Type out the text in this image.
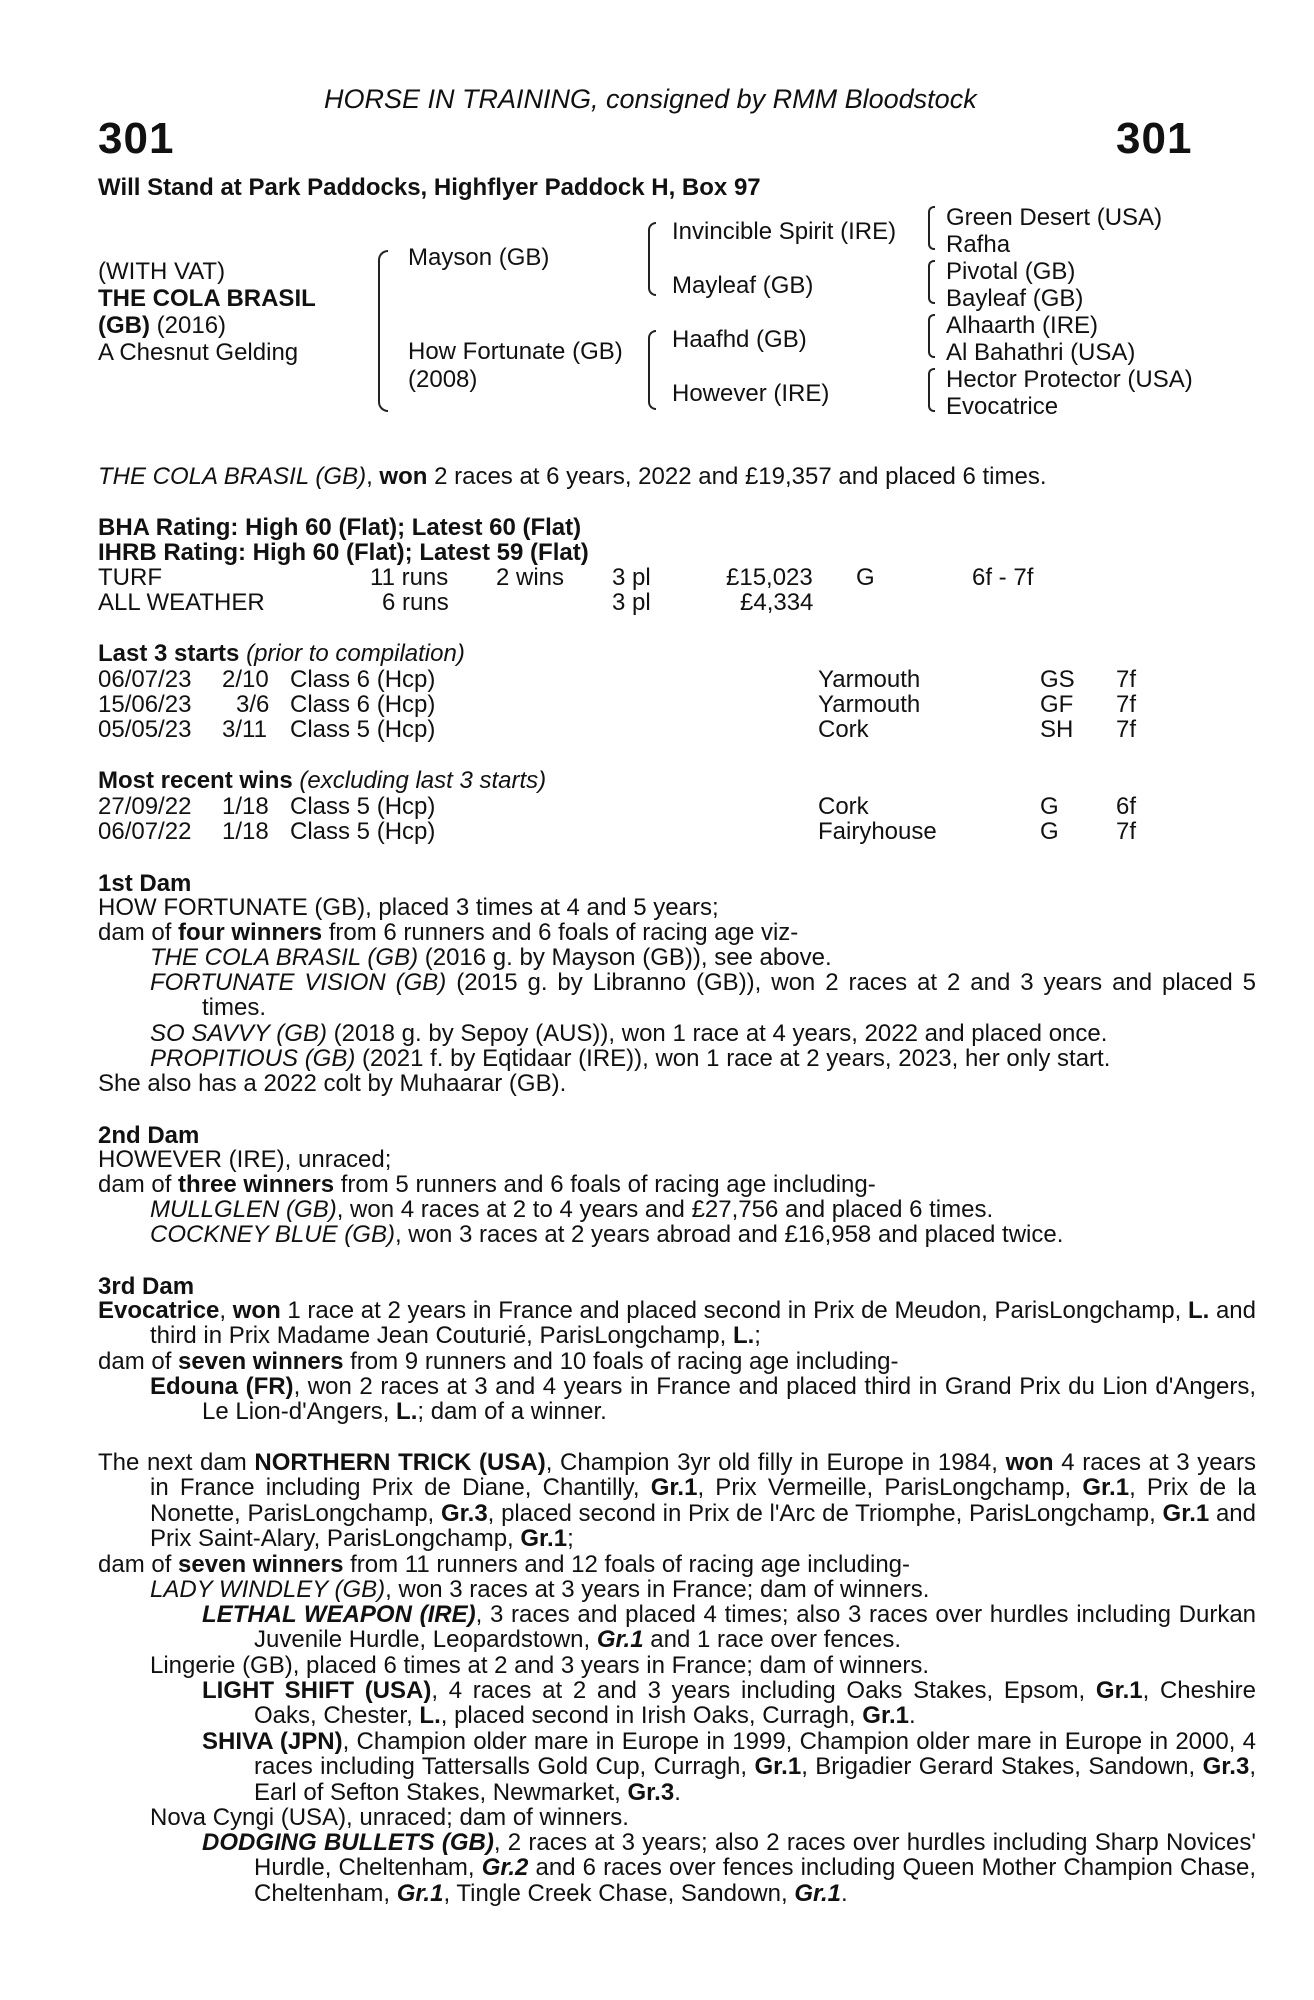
HORSE IN TRAINING, consigned by RMM Bloodstock
301	301
Will Stand at Park Paddocks, Highflyer Paddock H, Box 97
(WITH VAT)
THE COLA BRASIL
(GB) (2016)
A Chesnut Gelding
Mayson (GB)
How Fortunate (GB)
(2008)
Invincible Spirit (IRE)
Mayleaf (GB)
Haafhd (GB)
However (IRE)
Green Desert (USA)
Rafha
Pivotal (GB)
Bayleaf (GB)
Alhaarth (IRE)
Al Bahathri (USA)
Hector Protector (USA)
Evocatrice
THE COLA BRASIL (GB), won 2 races at 6 years, 2022 and £19,357 and placed 6 times.
BHA Rating: High 60 (Flat); Latest 60 (Flat)
IHRB Rating: High 60 (Flat); Latest 59 (Flat)
TURF	11 runs 2 wins 3 pl	£15,023 G	6f - 7f
ALL WEATHER	6 runs	3 pl	£4,334
Last 3 starts (prior to compilation)
06/07/23 2/10 Class 6 (Hcp)	Yarmouth	GS 7f
15/06/23 3/6 Class 6 (Hcp)	Yarmouth	GF 7f
05/05/23 3/11 Class 5 (Hcp)	Cork	SH 7f
Most recent wins (excluding last 3 starts)
27/09/22 1/18 Class 5 (Hcp)	Cork	G 6f
06/07/22 1/18 Class 5 (Hcp)	Fairyhouse	G 7f
1st Dam
HOW FORTUNATE (GB), placed 3 times at 4 and 5 years;
dam of four winners from 6 runners and 6 foals of racing age viz-

THE COLA BRASIL (GB) (2016 g. by Mayson (GB)), see above.

FORTUNATE VISION (GB) (2015 g. by Libranno (GB)), won 2 races at 2 and 3 years and placed 5 times.

SO SAVVY (GB) (2018 g. by Sepoy (AUS)), won 1 race at 4 years, 2022 and placed once.

PROPITIOUS (GB) (2021 f. by Eqtidaar (IRE)), won 1 race at 2 years, 2023, her only start.

She also has a 2022 colt by Muhaarar (GB).
2nd Dam
HOWEVER (IRE), unraced;
dam of three winners from 5 runners and 6 foals of racing age including-
MULLGLEN (GB), won 4 races at 2 to 4 years and £27,756 and placed 6 times.
COCKNEY BLUE (GB), won 3 races at 2 years abroad and £16,958 and placed twice.
3rd Dam

Evocatrice, won 1 race at 2 years in France and placed second in Prix de Meudon, ParisLongchamp, L. and third in Prix Madame Jean Couturié, ParisLongchamp, L.;

dam of seven winners from 9 runners and 10 foals of racing age including-

Edouna (FR), won 2 races at 3 and 4 years in France and placed third in Grand Prix du Lion d'Angers, Le Lion-d'Angers, L.; dam of a winner.

The next dam NORTHERN TRICK (USA), Champion 3yr old filly in Europe in 1984, won 4 races at 3 years in France including Prix de Diane, Chantilly, Gr.1, Prix Vermeille, ParisLongchamp, Gr.1, Prix de la Nonette, ParisLongchamp, Gr.3, placed second in Prix de l'Arc de Triomphe, ParisLongchamp, Gr.1 and Prix Saint-Alary, ParisLongchamp, Gr.1;

dam of seven winners from 11 runners and 12 foals of racing age including-
LADY WINDLEY (GB), won 3 races at 3 years in France; dam of winners.

LETHAL WEAPON (IRE), 3 races and placed 4 times; also 3 races over hurdles including Durkan Juvenile Hurdle, Leopardstown, Gr.1 and 1 race over fences.

Lingerie (GB), placed 6 times at 2 and 3 years in France; dam of winners.

LIGHT SHIFT (USA), 4 races at 2 and 3 years including Oaks Stakes, Epsom, Gr.1, Cheshire Oaks, Chester, L., placed second in Irish Oaks, Curragh, Gr.1.

SHIVA (JPN), Champion older mare in Europe in 1999, Champion older mare in Europe in 2000, 4 races including Tattersalls Gold Cup, Curragh, Gr.1, Brigadier Gerard Stakes, Sandown, Gr.3, Earl of Sefton Stakes, Newmarket, Gr.3.

Nova Cyngi (USA), unraced; dam of winners.

DODGING BULLETS (GB), 2 races at 3 years; also 2 races over hurdles including Sharp Novices' Hurdle, Cheltenham, Gr.2 and 6 races over fences including Queen Mother Champion Chase, Cheltenham, Gr.1, Tingle Creek Chase, Sandown, Gr.1.
